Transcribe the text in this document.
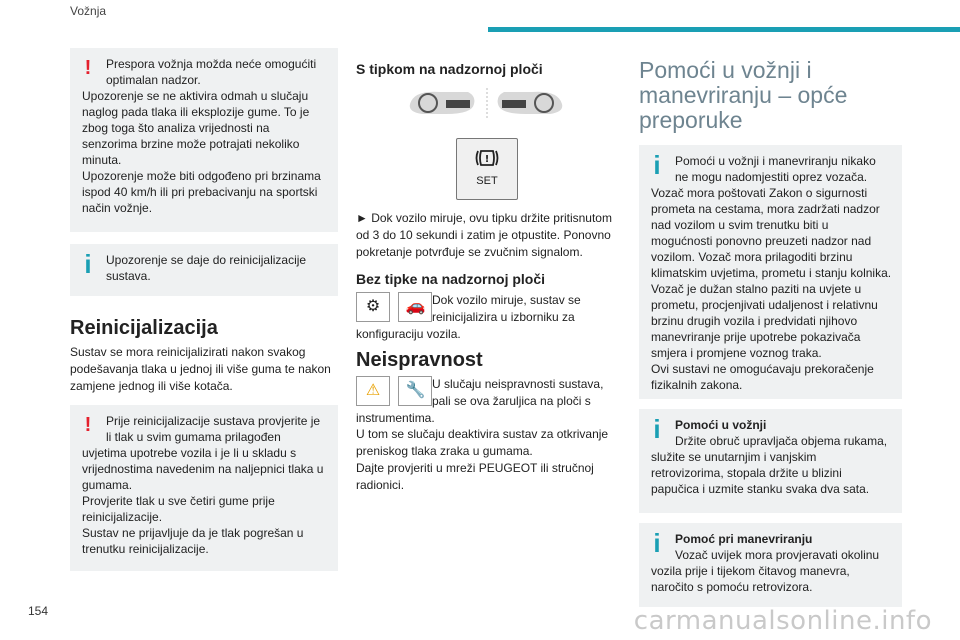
Vožnja
!	Prespora vožnja možda neće omogućiti optimalan nadzor.
Upozorenje se ne aktivira odmah u slučaju naglog pada tlaka ili eksplozije gume. To je zbog toga što analiza vrijednosti na senzorima brzine može potrajati nekoliko minuta.
Upozorenje može biti odgođeno pri brzinama ispod 40 km/h ili pri prebacivanju na sportski način vožnje.
i	Upozorenje se daje do reinicijalizacije sustava.
Reinicijalizacija

Sustav se mora reinicijalizirati nakon svakog podešavanja tlaka u jednoj ili više guma te nakon zamjene jednog ili više kotača.

!	Prije reinicijalizacije sustava provjerite je li tlak u svim gumama prilagođen
uvjetima upotrebe vozila i je li u skladu s vrijednostima navedenim na naljepnici tlaka u gumama.
Provjerite tlak u sve četiri gume prije reinicijalizacije.
Sustav ne prijavljuje da je tlak pogrešan u trenutku reinicijalizacije.
S tipkom na nadzornoj ploči
!
SET

► Dok vozilo miruje, ovu tipku držite pritisnutom od 3 do 10 sekundi i zatim je otpustite. Ponovno pokretanje potvrđuje se zvučnim signalom.

Bez tipke na nadzornoj ploči
⚙ 🚗 Dok vozilo miruje, sustav se reinicijalizira u izborniku za

konfiguraciju vozila.

Neispravnost
⚠ 🔧 U slučaju neispravnosti sustava, pali se ova žaruljica na ploči s

instrumentima.

U tom se slučaju deaktivira sustav za otkrivanje preniskog tlaka zraka u gumama.

Dajte provjeriti u mreži PEUGEOT ili stručnoj radionici.

Pomoći u vožnji i manevriranju – opće preporuke
i	Pomoći u vožnji i manevriranju nikako ne mogu nadomjestiti oprez vozača.
Vozač mora poštovati Zakon o sigurnosti prometa na cestama, mora zadržati nadzor nad vozilom u svim trenutku biti u mogućnosti ponovno preuzeti nadzor nad vozilom. Vozač mora prilagoditi brzinu klimatskim uvjetima, prometu i stanju kolnika.
Vozač je dužan stalno paziti na uvjete u prometu, procjenjivati udaljenost i relativnu brzinu drugih vozila i predvidati njihovo manevriranje prije upotrebe pokazivača smjera i promjene voznog traka.
Ovi sustavi ne omogućavaju prekoračenje fizikalnih zakona.
i	Pomoći u vožnji
Držite obruč upravljača objema rukama, služite se unutarnjim i vanjskim retrovizorima, stopala držite u blizini papučica i uzmite stanku svaka dva sata.
i	Pomoć pri manevriranju
Vozač uvijek mora provjeravati okolinu vozila prije i tijekom čitavog manevra, naročito s pomoću retrovizora.
154	carmanualsonline.info
